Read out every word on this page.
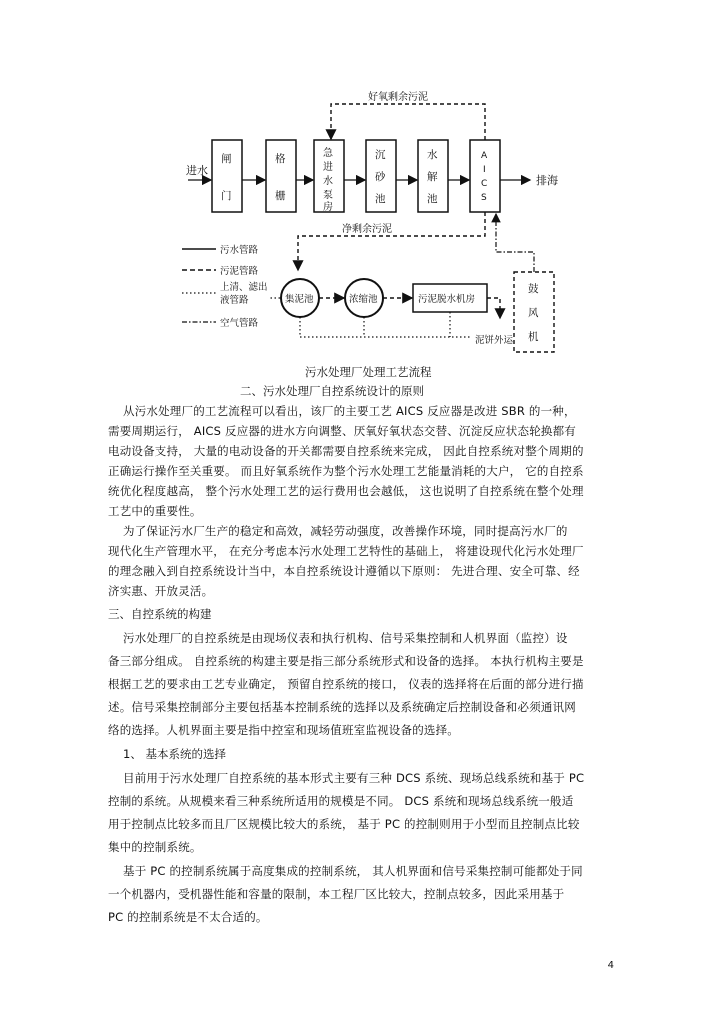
进水
闸
门
格
栅
急
进
水
泵
房
沉
砂
池
水
解
池
A
I
C
S
排海
好氧剩余污泥
净剩余污泥
集泥池	浓缩池	污泥脱水机房
泥饼外运
鼓
风
机
污水管路
污泥管路
上清、滤出
液管路
空气管路
污水处理厂处理工艺流程
二、污水处理厂自控系统设计的原则
从污水处理厂的工艺流程可以看出，该厂的主要工艺 AICS 反应器是改进 SBR 的一种，
需要周期运行， AICS 反应器的进水方向调整、厌氧好氧状态交替、沉淀反应状态轮换都有
电动设备支持， 大量的电动设备的开关都需要自控系统来完成， 因此自控系统对整个周期的
正确运行操作至关重要。 而且好氧系统作为整个污水处理工艺能量消耗的大户， 它的自控系
统优化程度越高， 整个污水处理工艺的运行费用也会越低， 这也说明了自控系统在整个处理
工艺中的重要性。
为了保证污水厂生产的稳定和高效，减轻劳动强度，改善操作环境，同时提高污水厂的
现代化生产管理水平， 在充分考虑本污水处理工艺特性的基础上， 将建设现代化污水处理厂
的理念融入到自控系统设计当中，本自控系统设计遵循以下原则： 先进合理、安全可靠、经
济实惠、开放灵活。
三、自控系统的构建
污水处理厂的自控系统是由现场仪表和执行机构、信号采集控制和人机界面（监控）设
备三部分组成。 自控系统的构建主要是指三部分系统形式和设备的选择。 本执行机构主要是
根据工艺的要求由工艺专业确定， 预留自控系统的接口， 仪表的选择将在后面的部分进行描
述。信号采集控制部分主要包括基本控制系统的选择以及系统确定后控制设备和必须通讯网
络的选择。人机界面主要是指中控室和现场值班室监视设备的选择。
1、 基本系统的选择
目前用于污水处理厂自控系统的基本形式主要有三种 DCS 系统、现场总线系统和基于 PC
控制的系统。从规模来看三种系统所适用的规模是不同。 DCS 系统和现场总线系统一般适
用于控制点比较多而且厂区规模比较大的系统， 基于 PC 的控制则用于小型而且控制点比较
集中的控制系统。
基于 PC 的控制系统属于高度集成的控制系统， 其人机界面和信号采集控制可能都处于同
一个机器内，受机器性能和容量的限制，本工程厂区比较大，控制点较多，因此采用基于
PC 的控制系统是不太合适的。
4
